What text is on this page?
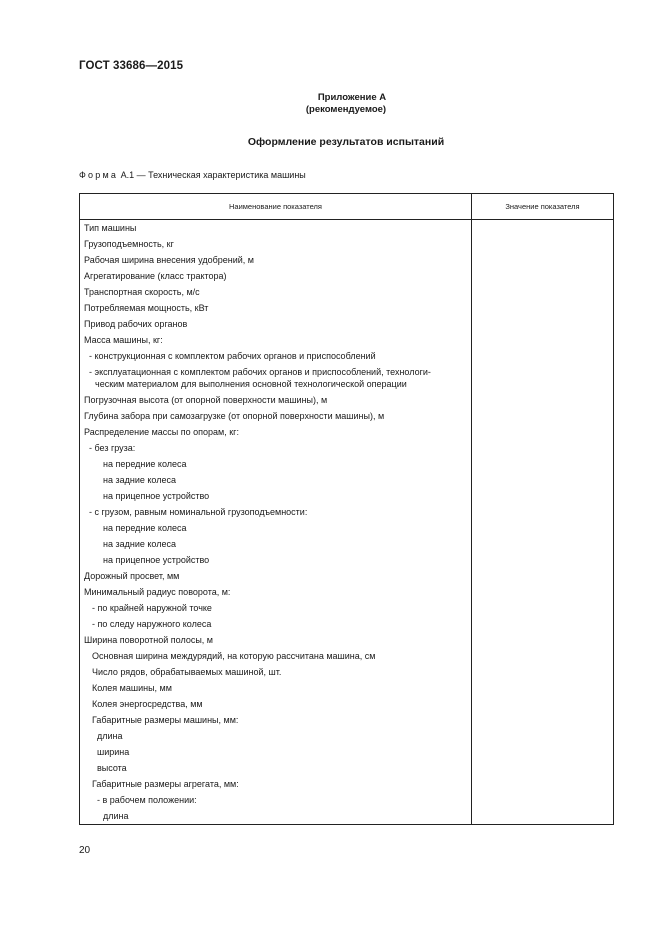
ГОСТ 33686—2015
Приложение А
(рекомендуемое)
Оформление результатов испытаний
Форма А.1 — Техническая характеристика машины
Наименование показателя	Значение показателя

Тип машины	

Грузоподъемность, кг	

Рабочая ширина внесения удобрений, м	

Агрегатирование (класс трактора)	

Транспортная скорость, м/с	

Потребляемая мощность, кВт	

Привод рабочих органов	

Масса машины, кг:	

- конструкционная с комплектом рабочих органов и приспособлений	

- эксплуатационная с комплектом рабочих органов и приспособлений, технологи-
ческим материалом для выполнения основной технологической операции	

Погрузочная высота (от опорной поверхности машины), м	

Глубина забора при самозагрузке (от опорной поверхности машины), м	

Распределение массы по опорам, кг:	

- без груза:	

на передние колеса	

на задние колеса	

на прицепное устройство	

- с грузом, равным номинальной грузоподъемности:	

на передние колеса	

на задние колеса	

на прицепное устройство	

Дорожный просвет, мм	

Минимальный радиус поворота, м:	

- по крайней наружной точке	

- по следу наружного колеса	

Ширина поворотной полосы, м	

Основная ширина междурядий, на которую рассчитана машина, см	

Число рядов, обрабатываемых машиной, шт.	

Колея машины, мм	

Колея энергосредства, мм	

Габаритные размеры машины, мм:	

длина	

ширина	

высота	

Габаритные размеры агрегата, мм:	

- в рабочем положении:	

длина	

20
